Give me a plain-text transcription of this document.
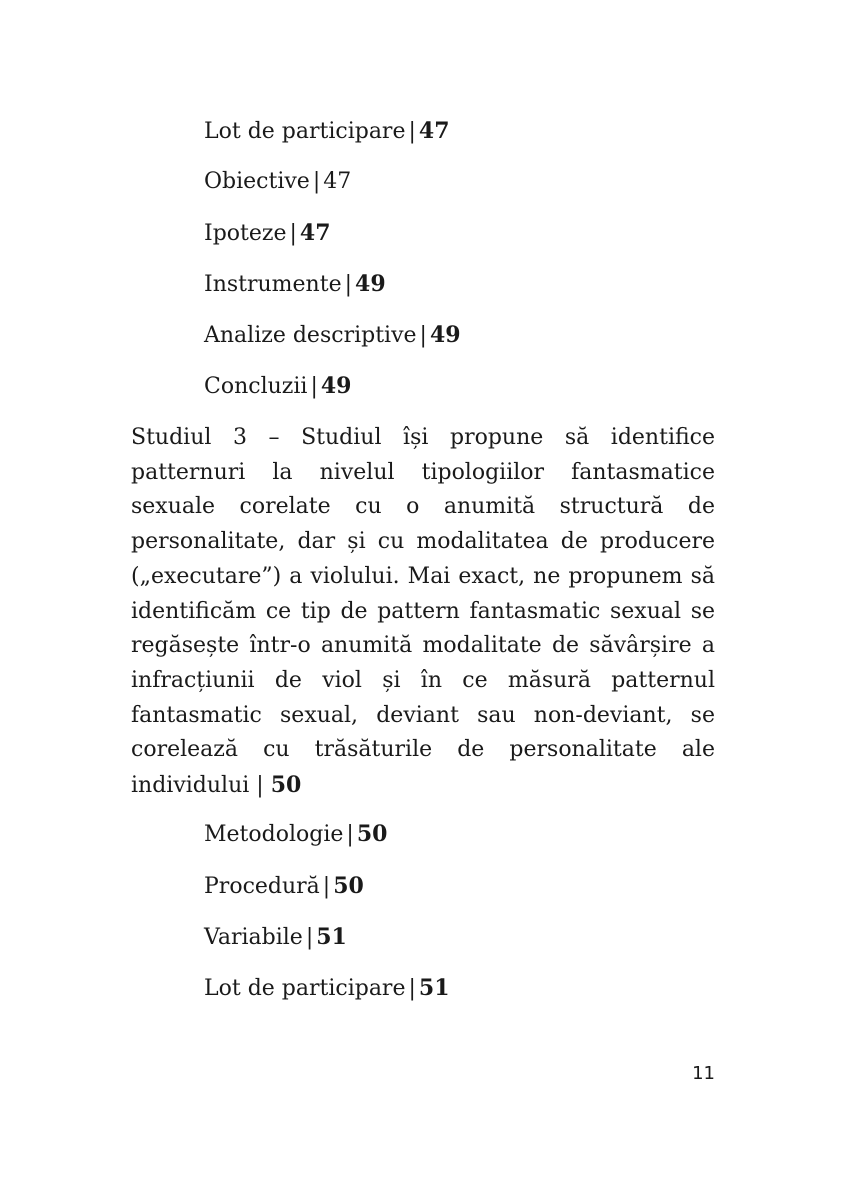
Lot de participare | 47
Obiective | 47
Ipoteze | 47
Instrumente | 49
Analize descriptive | 49
Concluzii | 49

Studiul 3 – Studiul își propune să identifice patternuri la nivelul tipologiilor fantasmatice sexuale corelate cu o anumită structură de personalitate, dar și cu modalitatea de producere („executare”) a violului. Mai exact, ne propunem să identificăm ce tip de pattern fantasmatic sexual se regăsește într-o anumită modalitate de săvârșire a infracțiunii de viol și în ce măsură patternul fantasmatic sexual, deviant sau non-deviant, se corelează cu trăsăturile de personalitate ale individului | 50

Metodologie | 50
Procedură | 50
Variabile | 51
Lot de participare | 51
11
